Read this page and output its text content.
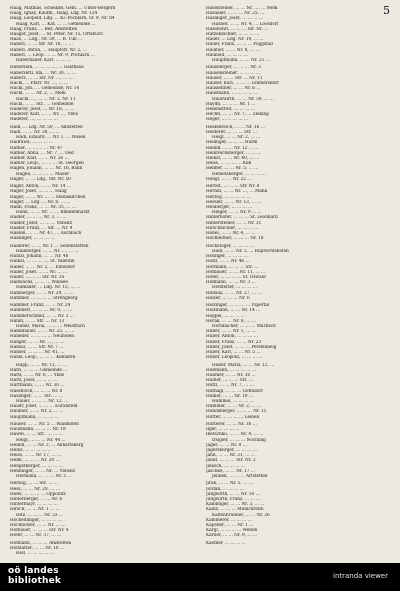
5
Haag, Mathias, Scheibbs, Gem. … Unter-Bergern
Haag, Ignaz, Kaufm., Haag, Ldg. Nr. 124
Haag, Leopold, Ldg. … Kl.-Pöchlarn, Sr. 9, Nr. 84
Haag, Karl, … Kat. … … Gemeinde …
Haag, Franz, … Bez. Amstetten
Haager, Josef, … St. Peter, Nr. 15, Ortsbuch
Haas, … Ldg., Nr. 59, … B. Tull …
Haberl, … … Str. Nr. 18, … …
Haberl, Anton, … Hauptstr. Nr. 2, …
Haberl, … Leop. … … Nr. 9, Pöchlarn …
Haberhauer, Karl, … … …
Habersam, … … … …, … Gasthaus
Haberzettl, Ida, … Nr. 30, … …
Haberz, … … Str. Nr. …, … …
Hackl, … Pfarr. Nr. …, … …
Hackl, Joh., … Gemeinde, Nr. 14
Hackl, … … Nr. 2, … Melk
Hackl, …, … … Nr. 2, Nr. 11
Hackl, … … Str., … Gemeinde
Haderer, Josef, … Nr. 18, … …
Haderer, Karl, … … Nr. …, Ybbs
Haderer, …, … … … …
Hadl, … Ldg. Nr. 50, … Amstetten
Hadl, … … Nr. 38, … …
Hadl, Eduard, … Nr. 1, … Wasen
Hadrawa, … … … …
Hafner, … … … … Nr. 47
Hafner, Anna, … Nr. 7, … Oed
Hafner, Karl, … … Nr. 26 …
Hafner, Leop., … … … St. Georgen
Hagen, Johann, … … Nr. 16, Bahn
Hagen, … … … … Mauer
Hager, … … Ldg., Str. Nr. 50
Hager, Anton, … … Nr. 14 …
Hager, Josef, … … … Haag
Hager, … … Nr. … … Steinakirchen
Hager, … Ldg. … Nr. 8, … …
Hahn, Franz, … … Nr. 35, … …
Hahn, … … Nr. … … Blindenmarkt
Haider, … … … Nr. 3, … …
Haider, Josef, … … … Ybbsitz
Haider, Franz, … Str. … Nr. 9
Haiden, … … Nr. 47, … Aschbach
Haidinger, … … … …
Haiderer, … … Nr. 1 … Seitenstetten
Hainberger, … … Nr. …, … …
Hainzl, Johann, … … Nr. 48
Hainzl, … … … …, St. Valentin
Haller, … … Nr. 2, … Ennsdorf
Haller, Josef, … … Nr. … …
Haller, … … … Str. Nr. 16
Hallwachs, … … … Wallsee
Hamader, … Ldg. Nr. 15, … …
Hamberger, … … Nr. 29, … …
Hammer, … … … … Strengberg
Hammer, Franz, … … Nr. 24
Hammerl, … … … Nr. 9, … …
Hammerschmid, … … Nr. 3 …
Handl, … … Str. … Nr. 13
Handl, Maria, … … … Weistrach
Handlbauer, … … Nr. 25, … …
Haneder, … … … … Neuhofen
Hanger, … … Nr. …, … …
Hansal, … … Str. Nr. 7 …
Hanser, … … … Nr. 41, …
Hansl, Leop., … … … Kematen
Happ, … … Nr. 11, … …
Harb, … … … Gemeinde …
Hartl, … … Nr. 6, … Ybbs
Hartl, Josef, … … … …
Hartmann, … … Nr. 30 …
Haselböck, … … … Nr. 8
Haslinger, … … Str. … …
Hauer, … … … Nr. 12, …
Hauer, Josef, … … … Euratsfeld
Haumer, … … Nr. 2, … …
Hauptmann, … … … …
Hauser, … … Nr. 5 … Waidhofen
Hausmann, … … … Nr. 19
Hawel, … … Str. …, … …
Heigl, … … … Nr. 44 …
Heindl, … … Nr. 3, … Allhartsberg
Heinz, … … … … …
Heiss, … … Nr. 17, … …
Helm, … … … Nr. 20 …
Hengstberger, … … … …
Henninger, … … Nr. … Ybbsitz
Hermann, … … … Nr. 5 …
Herzog, … … Str. … …
Hess, … … Nr. 28, … …
Hiebl, … … … … Opponitz
Hinterberger, … … Nr. 6
Hintermayr, … … … …
Hirsch, … … Nr. 1 … …
Hitz, … … … Nr. 33 …
Hochedlinger, … … … …
Hochholzer, … … Nr. … …
Hofbauer, … … … Str. Nr. 4
Hofer, … … Nr. 37, … …
Hofmann, … … … Amstetten
Hofstätter, … … Nr. 10 …
Holl, … … … … …
Haselsteiner, … … Nr. …, … Melk
Haslauer, … … … Nr. 25, …
Haslinger, Josef, … … … …
Hasner, … … Nr. 4, … Loosdorf
Hasenöhrl, … … … Str. Nr. …
Hatzenbichler, … … … …
Hauer, … Ldg. Nr. 19, … …
Hauer, Franz, … … … Pöggstall
Haumer, … … Nr. 8, … …
Haunold, … … … …
Hauptmann, … … Nr. 21 …
Hausberger, … … … Nr. 3
Hausensteiner, … … … …
Hauser, … … Str. … Nr. 11
Hauser, Karl, … … … Emmersdorf
Hausleitner, … … Nr. 6 …
Hausmann, … … … … …
Hauswirth, … … Nr. 39, … …
Haydn, … … … Nr. 1 …
Hebenstreit, … … … …
Hechtl, … … Nr. 7, … Zelking
Heger, … … … … …
Heidenreich, … … Nr. 16 …
Heiderer, … … … Str. …
Heigl, … … Nr. 2, … …
Heilinger, … … … Hürm
Heindl, … … Nr. 12 … …
Heinreichsberger, … … …
Heinzl, … … Nr. 40, … …
Heiss, … … … … Kilb
Helmer, … … Nr. 5, … …
Hemetsberger, … … … …
Hengl, … … Nr. 22 …
Herbst, … … … Str. Nr. 8
Herndl, … … Nr. …, … Mank
Herzog, … … … … …
Hessler, … … Nr. 13, … …
Heuberger, … … … …
Hieger, … … Nr. 9 … …
Hinterhofer, … … … St. Leonhard
Hintersteiner, … … Nr. 31
Hirschbichler, … … … …
Hobel, … … Nr. 4, … …
Hochleitner, … … … Nr. 18
Hochstöger, … … … …
Hödl, … … Nr. 2, … Ruprechtshofen
Höfinger, … … … …
Hölzl, … … Nr. 46 …
Hörmann, … … … Str. …
Hofbauer, … … Nr. 11, … …
Hofer, … … … … St. Oswald
Hofmann, … … Nr. 3 …
Hofstetter, … … … …
Hollaus, … … Nr. 27, … …
Holzer, … … … Nr. 6
Holzinger, … … … … Yspertal
Holzmann, … … Nr. 14 …
Hoppel, … … … …
Horak, … … Nr. 8, … …
Hornbacher, … … … Marbach
Huber, … … Nr. 1, … …
Huber, Anton, … … … …
Huber, Franz, … … Nr. 23
Huber, Josef, … … … Persenbeug
Huber, Karl, … … Nr. 5 …
Huber, Leopold, … … … …
Huber, Maria, … … Nr. 12, …
Hubmann, … … … … …
Hubmer, … … Nr. 30 …
Hudler, … … … Str. …
Hüttl, … … Nr. 7, … …
Hufnagl, … … … Gottsdorf
Humer, … … Nr. 19 …
Hummel, … … … …
Hummer, … … Nr. 2, … …
Hundsberger, … … … Nr. 15
Hutter, … … … … Leiben
Hutterer, … … Nr. 36 …
Ilger, … … … …
Illetschko, … … Nr. 4, … …
Irsigler, … … … Nöchling
Jäger, … … Nr. 8 …
Jagersberger, … … … …
Jahn, … … Nr. 21, … …
Jandl, … … … Str. Nr. 2
Janisch, … … … …
Jaschke, … … Nr. 17 …
Jelinek, … … … Artstetten
Jirak, … … Nr. 5, … …
Jordan, … … … …
Jungwirth, … … Nr. 10 …
Jungwirth, Franz, … … …
Kaiblinger, … … Nr. 3, … …
Kainz, … … … Münichreith
Kaltenbrunner, … … Nr. 26
Kammerer, … … … …
Kapeller, … … Nr. 1 …
Kargl, … … … … Weiten
Karner, … … Nr. 9, … …
Kastner, … … … …
oö landes
bibliothek	intranda viewer
